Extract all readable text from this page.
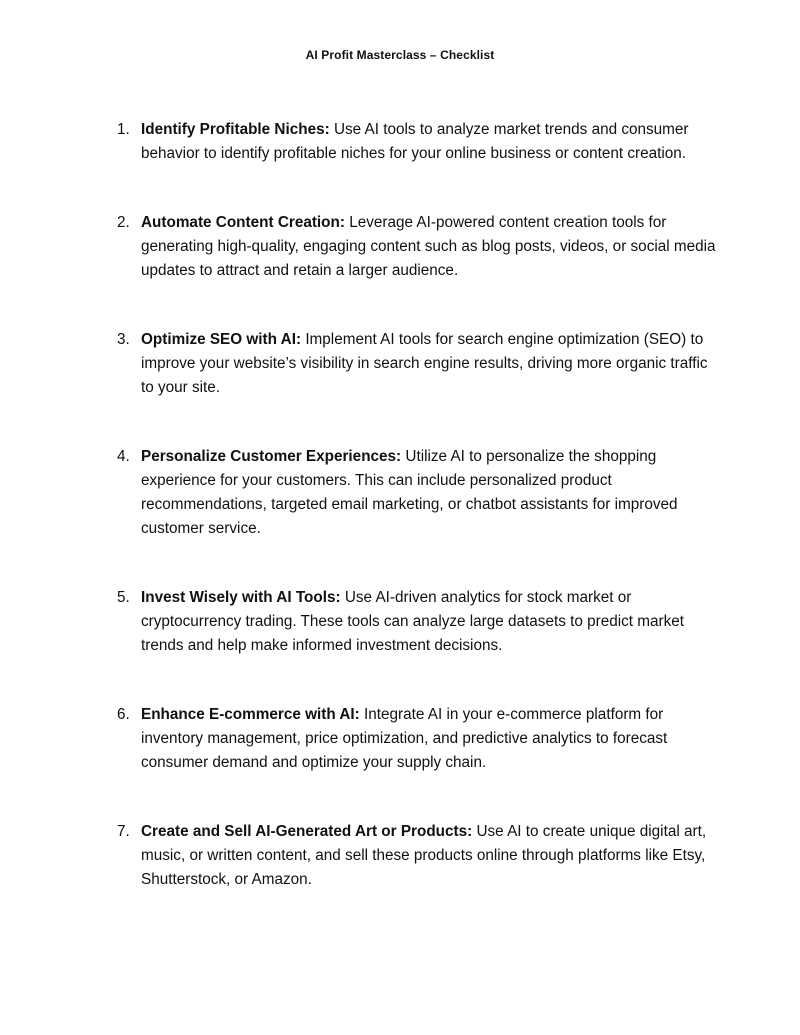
AI Profit Masterclass – Checklist
1. Identify Profitable Niches: Use AI tools to analyze market trends and consumer behavior to identify profitable niches for your online business or content creation.
2. Automate Content Creation: Leverage AI-powered content creation tools for generating high-quality, engaging content such as blog posts, videos, or social media updates to attract and retain a larger audience.
3. Optimize SEO with AI: Implement AI tools for search engine optimization (SEO) to improve your website’s visibility in search engine results, driving more organic traffic to your site.
4. Personalize Customer Experiences: Utilize AI to personalize the shopping experience for your customers. This can include personalized product recommendations, targeted email marketing, or chatbot assistants for improved customer service.
5. Invest Wisely with AI Tools: Use AI-driven analytics for stock market or cryptocurrency trading. These tools can analyze large datasets to predict market trends and help make informed investment decisions.
6. Enhance E-commerce with AI: Integrate AI in your e-commerce platform for inventory management, price optimization, and predictive analytics to forecast consumer demand and optimize your supply chain.
7. Create and Sell AI-Generated Art or Products: Use AI to create unique digital art, music, or written content, and sell these products online through platforms like Etsy, Shutterstock, or Amazon.
